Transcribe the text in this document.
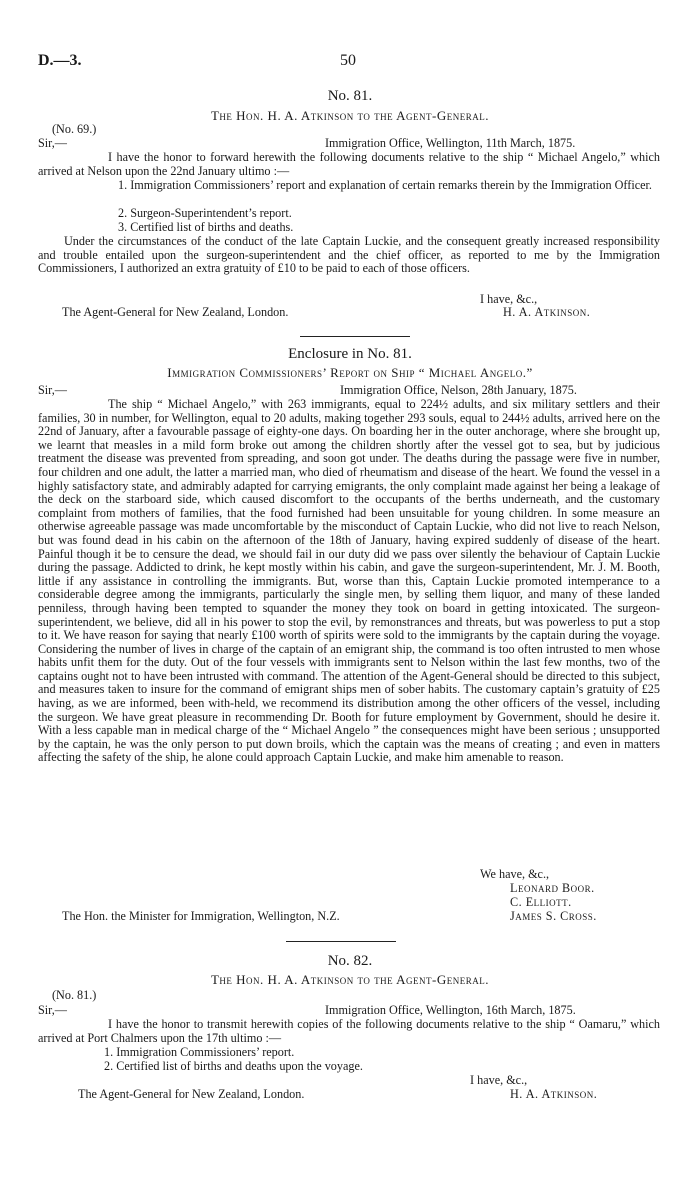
D.—3.	50
No. 81.
The Hon. H. A. Atkinson to the Agent-General.
(No. 69.)
Sir,—	Immigration Office, Wellington, 11th March, 1875.
I have the honor to forward herewith the following documents relative to the ship “ Michael Angelo,” which arrived at Nelson upon the 22nd January ultimo :—
1. Immigration Commissioners’ report and explanation of certain remarks therein by the Immigration Officer.
2. Surgeon-Superintendent’s report.
3. Certified list of births and deaths.
Under the circumstances of the conduct of the late Captain Luckie, and the consequent greatly increased responsibility and trouble entailed upon the surgeon-superintendent and the chief officer, as reported to me by the Immigration Commissioners, I authorized an extra gratuity of £10 to be paid to each of those officers.
I have, &c.,
The Agent-General for New Zealand, London.	H. A. Atkinson.
Enclosure in No. 81.
Immigration Commissioners’ Report on Ship “ Michael Angelo.”
Sir,—	Immigration Office, Nelson, 28th January, 1875.
The ship “ Michael Angelo,” with 263 immigrants, equal to 224½ adults, and six military settlers and their families, 30 in number, for Wellington, equal to 20 adults, making together 293 souls, equal to 244½ adults, arrived here on the 22nd of January, after a favourable passage of eighty-one days. On boarding her in the outer anchorage, where she brought up, we learnt that measles in a mild form broke out among the children shortly after the vessel got to sea, but by judicious treatment the disease was prevented from spreading, and soon got under. The deaths during the passage were five in number, four children and one adult, the latter a married man, who died of rheumatism and disease of the heart. We found the vessel in a highly satisfactory state, and admirably adapted for carrying emigrants, the only complaint made against her being a leakage of the deck on the starboard side, which caused discomfort to the occupants of the berths underneath, and the customary complaint from mothers of families, that the food furnished had been unsuitable for young children. In some measure an otherwise agreeable passage was made uncomfortable by the misconduct of Captain Luckie, who did not live to reach Nelson, but was found dead in his cabin on the afternoon of the 18th of January, having expired suddenly of disease of the heart. Painful though it be to censure the dead, we should fail in our duty did we pass over silently the behaviour of Captain Luckie during the passage. Addicted to drink, he kept mostly within his cabin, and gave the surgeon-superintendent, Mr. J. M. Booth, little if any assistance in controlling the immigrants. But, worse than this, Captain Luckie promoted intemperance to a considerable degree among the immigrants, particularly the single men, by selling them liquor, and many of these landed penniless, through having been tempted to squander the money they took on board in getting intoxicated. The surgeon-superintendent, we believe, did all in his power to stop the evil, by remonstrances and threats, but was powerless to put a stop to it. We have reason for saying that nearly £100 worth of spirits were sold to the immigrants by the captain during the voyage. Considering the number of lives in charge of the captain of an emigrant ship, the command is too often intrusted to men whose habits unfit them for the duty. Out of the four vessels with immigrants sent to Nelson within the last few months, two of the captains ought not to have been intrusted with command. The attention of the Agent-General should be directed to this subject, and measures taken to insure for the command of emigrant ships men of sober habits. The customary captain’s gratuity of £25 having, as we are informed, been with-held, we recommend its distribution among the other officers of the vessel, including the surgeon. We have great pleasure in recommending Dr. Booth for future employment by Government, should he desire it. With a less capable man in medical charge of the “ Michael Angelo ” the consequences might have been serious ; unsupported by the captain, he was the only person to put down broils, which the captain was the means of creating ; and even in matters affecting the safety of the ship, he alone could approach Captain Luckie, and make him amenable to reason.
We have, &c.,
Leonard Boor.
C. Elliott.
The Hon. the Minister for Immigration, Wellington, N.Z.	James S. Cross.
No. 82.
The Hon. H. A. Atkinson to the Agent-General.
(No. 81.)
Sir,—	Immigration Office, Wellington, 16th March, 1875.
I have the honor to transmit herewith copies of the following documents relative to the ship “ Oamaru,” which arrived at Port Chalmers upon the 17th ultimo :—
1. Immigration Commissioners’ report.
2. Certified list of births and deaths upon the voyage.
I have, &c.,
The Agent-General for New Zealand, London.	H. A. Atkinson.
